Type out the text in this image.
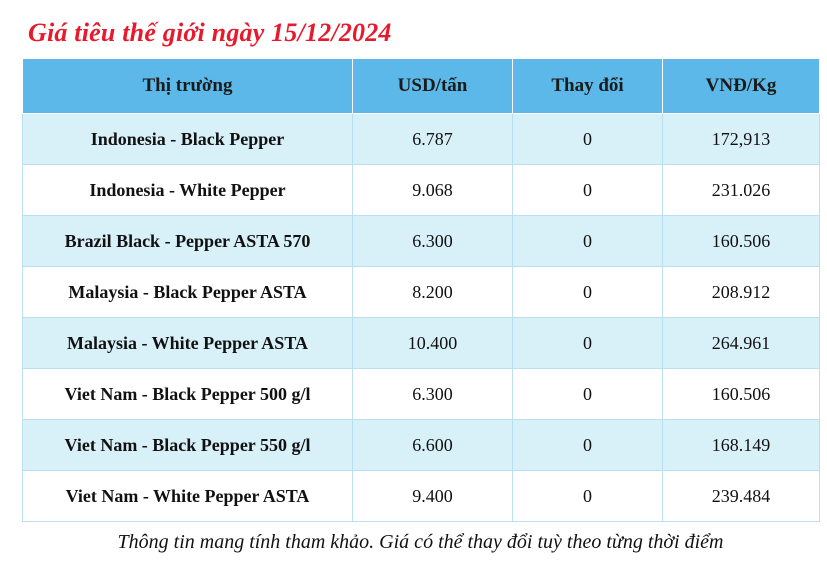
Giá tiêu thế giới ngày 15/12/2024
Thị trường	USD/tấn	Thay đổi	VNĐ/Kg
Indonesia - Black Pepper	6.787	0	172,913
Indonesia - White Pepper	9.068	0	231.026
Brazil Black - Pepper ASTA 570	6.300	0	160.506
Malaysia - Black Pepper ASTA	8.200	0	208.912
Malaysia - White Pepper ASTA	10.400	0	264.961
Viet Nam - Black Pepper 500 g/l	6.300	0	160.506
Viet Nam - Black Pepper 550 g/l	6.600	0	168.149
Viet Nam - White Pepper ASTA	9.400	0	239.484
Thông tin mang tính tham khảo. Giá có thể thay đổi tuỳ theo từng thời điểm
